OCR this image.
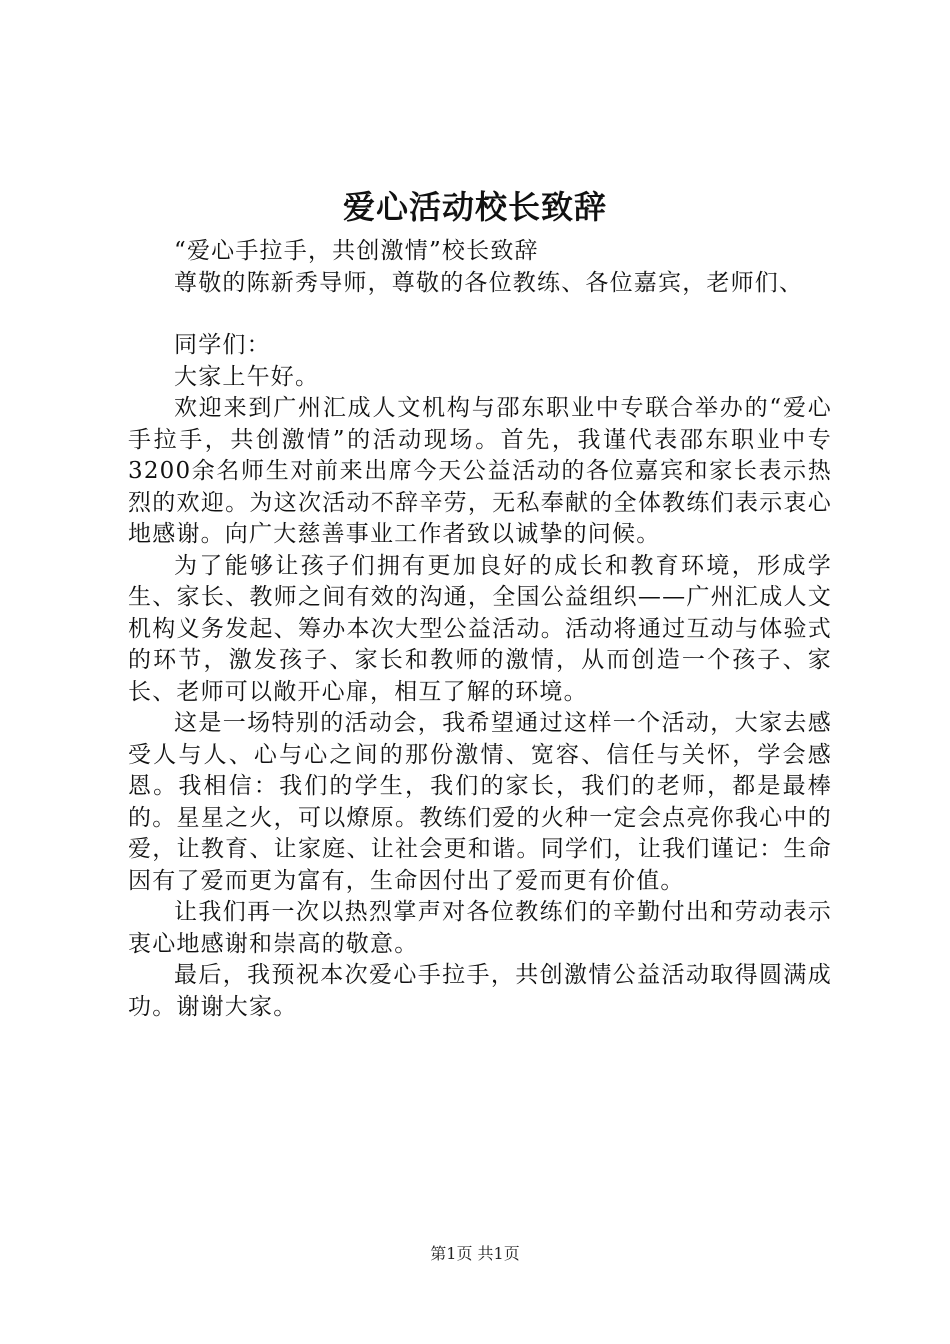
爱心活动校长致辞

“爱心手拉手，共创激情”校长致辞

尊敬的陈新秀导师，尊敬的各位教练、各位嘉宾，老师们、

同学们：

大家上午好。

欢迎来到广州汇成人文机构与邵东职业中专联合举办的“爱心手拉手，共创激情”的活动现场。首先，我谨代表邵东职业中专3200余名师生对前来出席今天公益活动的各位嘉宾和家长表示热烈的欢迎。为这次活动不辞辛劳，无私奉献的全体教练们表示衷心地感谢。向广大慈善事业工作者致以诚挚的问候。

为了能够让孩子们拥有更加良好的成长和教育环境，形成学生、家长、教师之间有效的沟通，全国公益组织——广州汇成人文机构义务发起、筹办本次大型公益活动。活动将通过互动与体验式的环节，激发孩子、家长和教师的激情，从而创造一个孩子、家长、老师可以敞开心扉，相互了解的环境。

这是一场特别的活动会，我希望通过这样一个活动，大家去感受人与人、心与心之间的那份激情、宽容、信任与关怀，学会感恩。我相信：我们的学生，我们的家长，我们的老师，都是最棒的。星星之火，可以燎原。教练们爱的火种一定会点亮你我心中的爱，让教育、让家庭、让社会更和谐。同学们，让我们谨记：生命因有了爱而更为富有，生命因付出了爱而更有价值。

让我们再一次以热烈掌声对各位教练们的辛勤付出和劳动表示衷心地感谢和崇高的敬意。

最后，我预祝本次爱心手拉手，共创激情公益活动取得圆满成功。谢谢大家。

第1页 共1页
